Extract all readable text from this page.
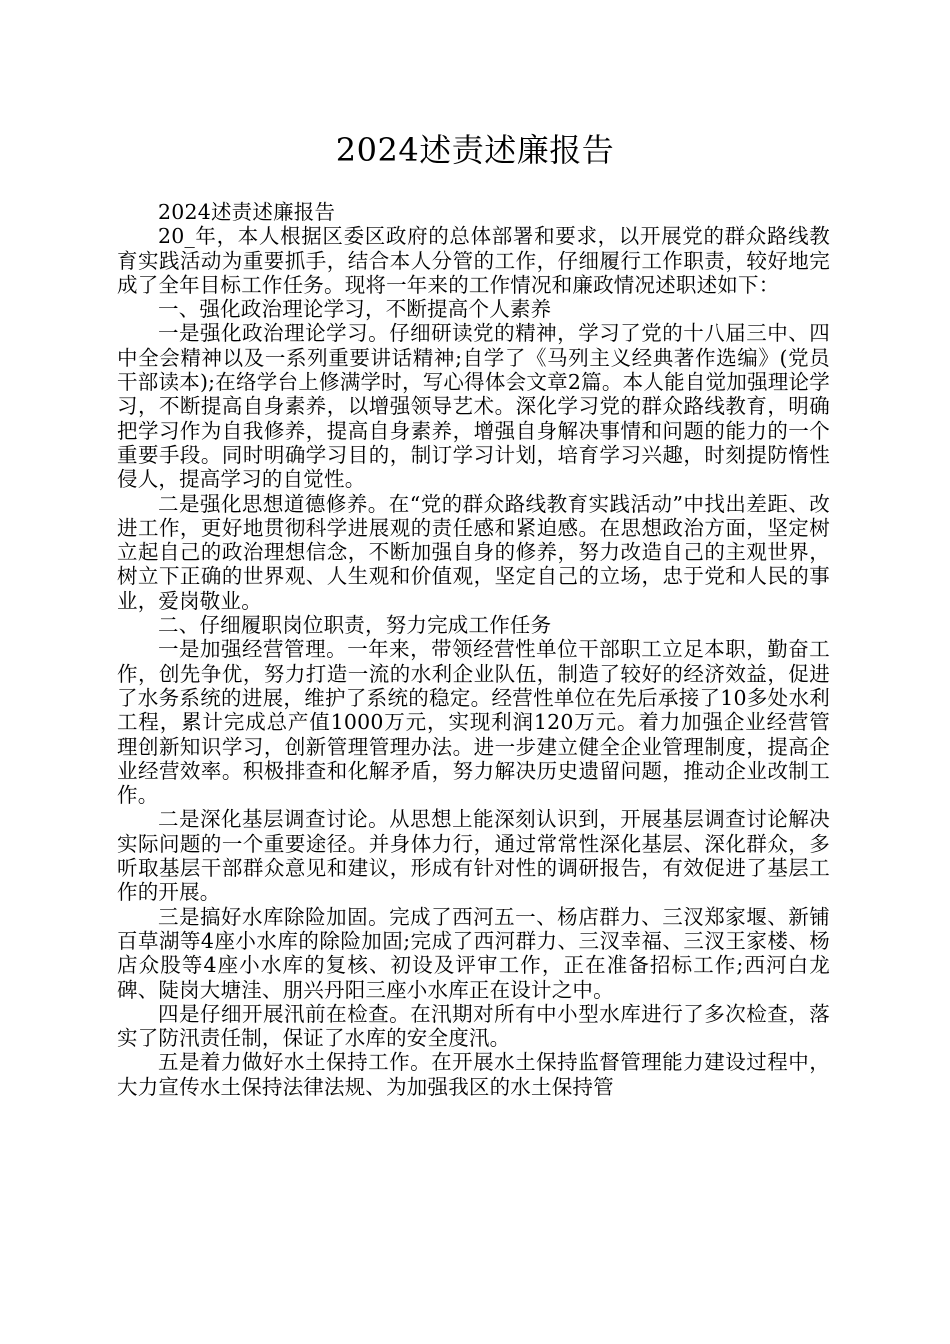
2024述责述廉报告

2024述责述廉报告

20_年，本人根据区委区政府的总体部署和要求，以开展党的群众路线教育实践活动为重要抓手，结合本人分管的工作，仔细履行工作职责，较好地完成了全年目标工作任务。现将一年来的工作情况和廉政情况述职述如下：

一、强化政治理论学习，不断提高个人素养

一是强化政治理论学习。仔细研读党的精神，学习了党的十八届三中、四中全会精神以及一系列重要讲话精神;自学了《马列主义经典著作选编》(党员干部读本);在络学台上修满学时，写心得体会文章2篇。本人能自觉加强理论学习，不断提高自身素养，以增强领导艺术。深化学习党的群众路线教育，明确把学习作为自我修养，提高自身素养，增强自身解决事情和问题的能力的一个重要手段。同时明确学习目的，制订学习计划，培育学习兴趣，时刻提防惰性侵人，提高学习的自觉性。

二是强化思想道德修养。在“党的群众路线教育实践活动”中找出差距、改进工作，更好地贯彻科学进展观的责任感和紧迫感。在思想政治方面，坚定树立起自己的政治理想信念，不断加强自身的修养，努力改造自己的主观世界，树立下正确的世界观、人生观和价值观，坚定自己的立场，忠于党和人民的事业，爱岗敬业。

二、仔细履职岗位职责，努力完成工作任务

一是加强经营管理。一年来，带领经营性单位干部职工立足本职，勤奋工作，创先争优，努力打造一流的水利企业队伍，制造了较好的经济效益，促进了水务系统的进展，维护了系统的稳定。经营性单位在先后承接了10多处水利工程，累计完成总产值1000万元，实现利润120万元。着力加强企业经营管理创新知识学习，创新管理管理办法。进一步建立健全企业管理制度，提高企业经营效率。积极排查和化解矛盾，努力解决历史遗留问题，推动企业改制工作。

二是深化基层调查讨论。从思想上能深刻认识到，开展基层调查讨论解决实际问题的一个重要途径。并身体力行，通过常常性深化基层、深化群众，多听取基层干部群众意见和建议，形成有针对性的调研报告，有效促进了基层工作的开展。

三是搞好水库除险加固。完成了西河五一、杨店群力、三汊郑家堰、新铺百草湖等4座小水库的除险加固;完成了西河群力、三汊幸福、三汊王家楼、杨店众股等4座小水库的复核、初设及评审工作，正在准备招标工作;西河白龙碑、陡岗大塘洼、朋兴丹阳三座小水库正在设计之中。

四是仔细开展汛前在检查。在汛期对所有中小型水库进行了多次检查，落实了防汛责任制，保证了水库的安全度汛。

五是着力做好水土保持工作。在开展水土保持监督管理能力建设过程中，大力宣传水土保持法律法规、为加强我区的水土保持管
